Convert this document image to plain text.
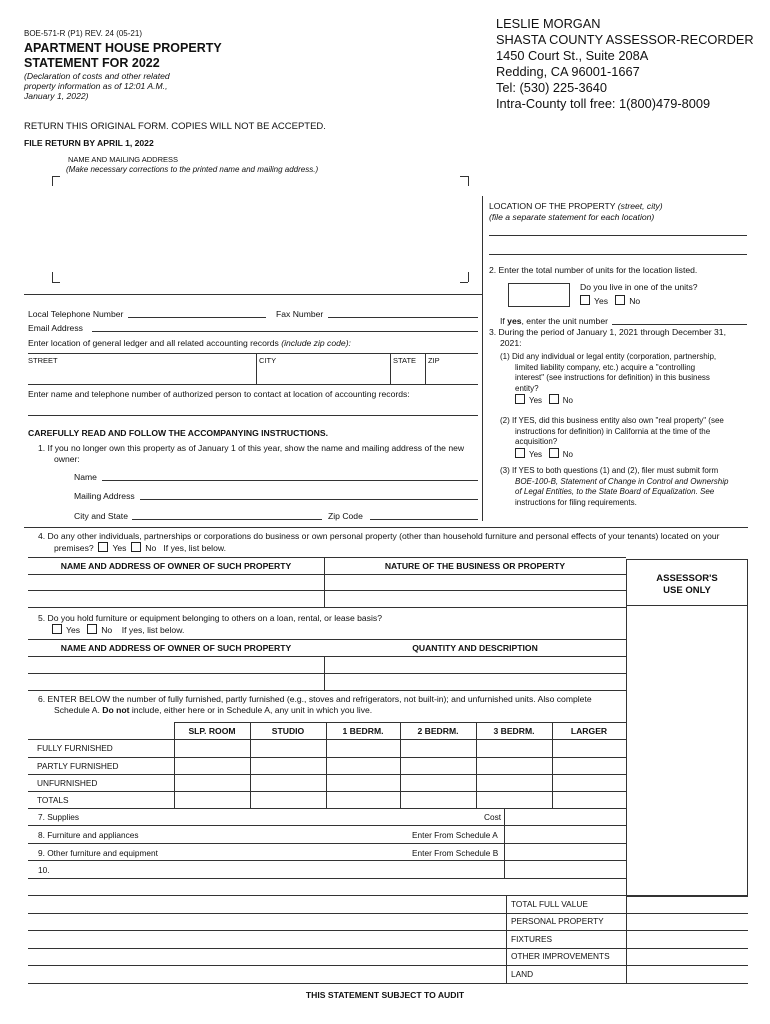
BOE-571-R (P1) REV. 24 (05-21)
APARTMENT HOUSE PROPERTY
STATEMENT FOR 2022
(Declaration of costs and other related
property information as of 12:01 A.M.,
January 1, 2022)
LESLIE MORGAN
SHASTA COUNTY ASSESSOR-RECORDER
1450 Court St., Suite 208A
Redding, CA 96001-1667
Tel: (530) 225-3640
Intra-County toll free: 1(800)479-8009
RETURN THIS ORIGINAL FORM. COPIES WILL NOT BE ACCEPTED.
FILE RETURN BY APRIL 1, 2022
NAME AND MAILING ADDRESS
(Make necessary corrections to the printed name and mailing address.)
LOCATION OF THE PROPERTY (street, city)
(file a separate statement for each location)
2. Enter the total number of units for the location listed.
Do you live in one of the units?
Yes No
If yes, enter the unit number
Local Telephone Number	Fax Number
Email Address
Enter location of general ledger and all related accounting records (include zip code):
STREET	CITY	STATE ZIP
Enter name and telephone number of authorized person to contact at location of accounting records:
3. During the period of January 1, 2021 through December 31,
2021:
(1) Did any individual or legal entity (corporation, partnership,
limited liability company, etc.) acquire a "controlling
interest" (see instructions for definition) in this business
entity?
Yes	No
(2) If YES, did this business entity also own "real property" (see
instructions for definition) in California at the time of the
acquisition?
Yes	No
(3) If YES to both questions (1) and (2), filer must submit form
BOE-100-B, Statement of Change in Control and Ownership
of Legal Entities, to the State Board of Equalization. See
instructions for filing requirements.
CAREFULLY READ AND FOLLOW THE ACCOMPANYING INSTRUCTIONS.
1. If you no longer own this property as of January 1 of this year, show the name and mailing address of the new
owner:
Name
Mailing Address
City and State	Zip Code
4. Do any other individuals, partnerships or corporations do business or own personal property (other than household furniture and personal effects of your tenants) located on your
premises? Yes No If yes, list below.
NAME AND ADDRESS OF OWNER OF SUCH PROPERTY	NATURE OF THE BUSINESS OR PROPERTY
ASSESSOR'S
USE ONLY
5. Do you hold furniture or equipment belonging to others on a loan, rental, or lease basis?
Yes No If yes, list below.
NAME AND ADDRESS OF OWNER OF SUCH PROPERTY	QUANTITY AND DESCRIPTION
6. ENTER BELOW the number of fully furnished, partly furnished (e.g., stoves and refrigerators, not built-in); and unfurnished units. Also complete
Schedule A. Do not include, either here or in Schedule A, any unit in which you live.
SLP. ROOM	STUDIO	1 BEDRM.	2 BEDRM.	3 BEDRM.	LARGER
FULLY FURNISHED
PARTLY FURNISHED
UNFURNISHED
TOTALS
7. Supplies	Cost
8. Furniture and appliances	Enter From Schedule A
9. Other furniture and equipment	Enter From Schedule B
10.
TOTAL FULL VALUE
PERSONAL PROPERTY
FIXTURES
OTHER IMPROVEMENTS
LAND
THIS STATEMENT SUBJECT TO AUDIT
